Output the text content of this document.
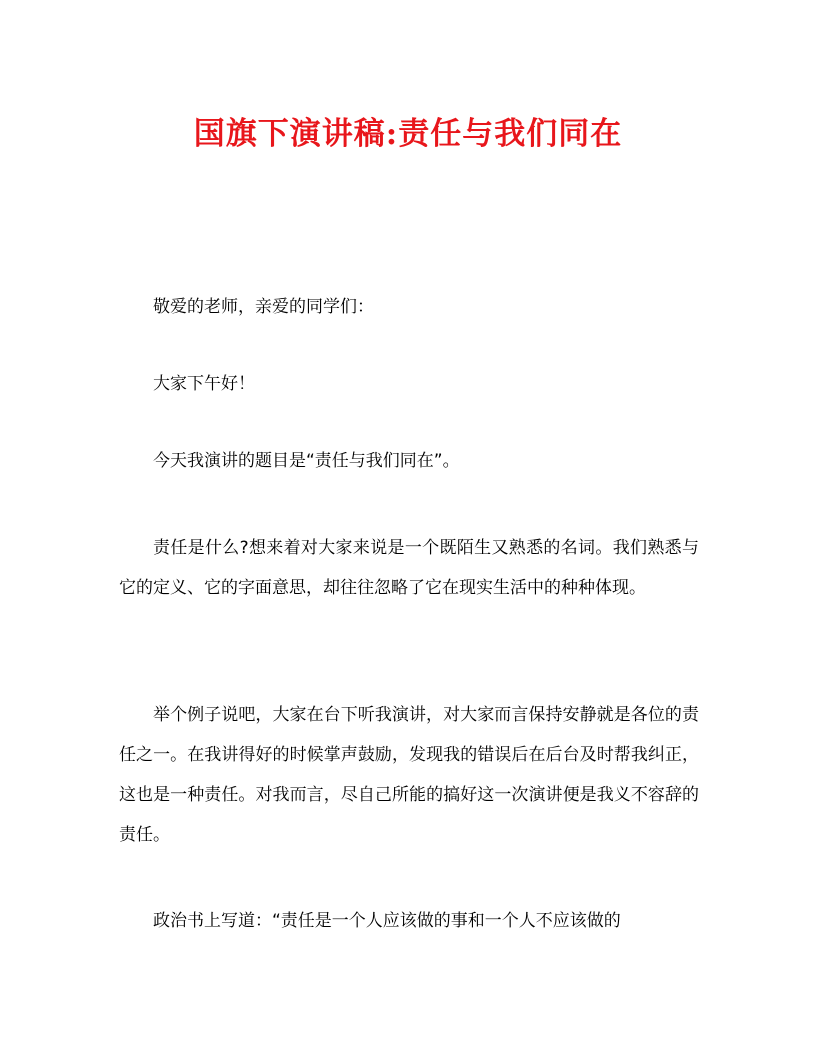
国旗下演讲稿:责任与我们同在

敬爱的老师，亲爱的同学们：

大家下午好！

今天我演讲的题目是“责任与我们同在”。

责任是什么?想来着对大家来说是一个既陌生又熟悉的名词。我们熟悉与它的定义、它的字面意思，却往往忽略了它在现实生活中的种种体现。

举个例子说吧，大家在台下听我演讲，对大家而言保持安静就是各位的责任之一。在我讲得好的时候掌声鼓励，发现我的错误后在后台及时帮我纠正，这也是一种责任。对我而言，尽自己所能的搞好这一次演讲便是我义不容辞的责任。

政治书上写道：“责任是一个人应该做的事和一个人不应该做的
